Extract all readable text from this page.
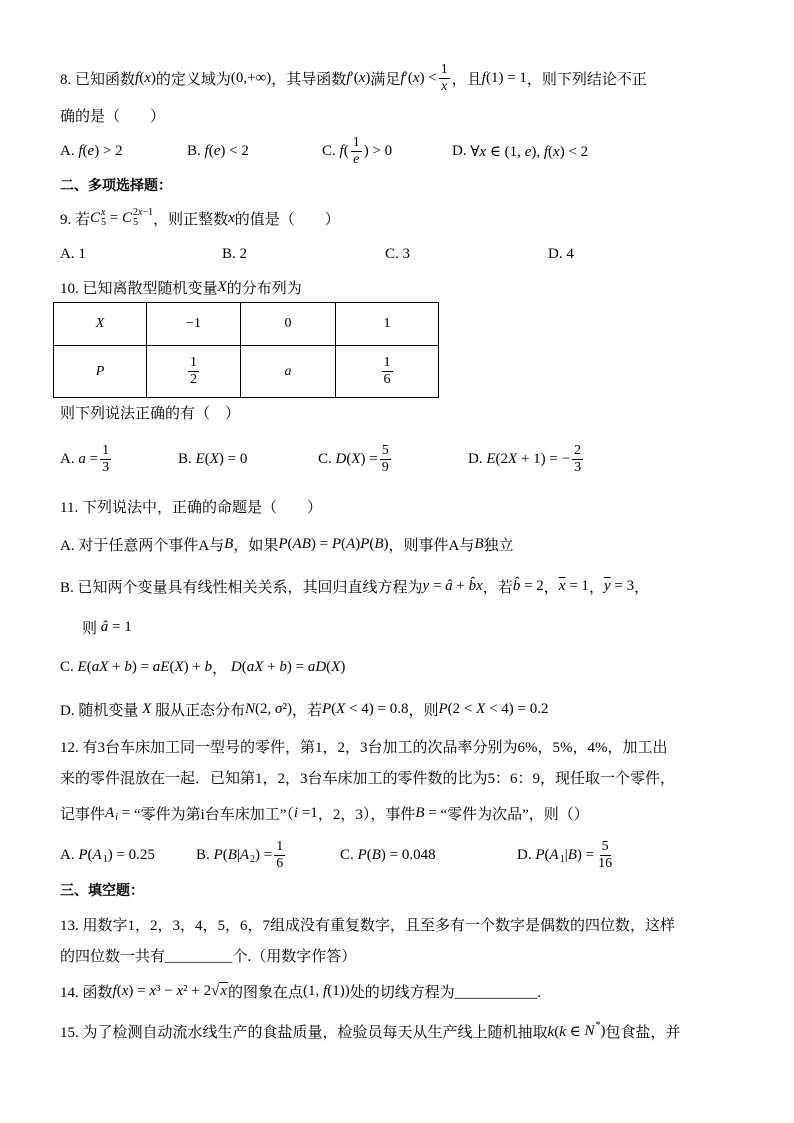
8. 已知函数 f(x) 的定义域为 (0,+∞) ，其导函数 f′(x) 满足 $f'(x) < \frac{1}{x}$ ，且 f(1) = 1 ，则下列结论不正
确的是（　　）
A. f(e) > 2	B. f(e) < 2	C. $f( \frac{1}{e}$ ) > 0	D. ∀x ∈ (1, e), f(x) < 2
二、多项选择题：
9. 若 C x
5 = C 2x−1
5	，则正整数 x 的值是（　　）
A. 1	B. 2	C. 3	D. 4
10. 已知离散型随机变量 X 的分布列为
X	−1	0	1
P	$\frac{1}{2}$	a	$\frac{1}{6}$
则下列说法正确的有（　）
A. $a = \frac{1}{3}$	B. E(X) = 0	C. $D(X) = \frac{5}{9}$	D. E(2X + 1) = − $\frac{2}{3}$
11. 下列说法中，正确的命题是（　　）
A. 对于任意两个事件A与 B ，如果 P(AB) = P(A)P(B) ，则事件A与 B 独立
B. 已知两个变量具有线性相关关系，其回归直线方程为 y = â + b̂x ，若 b̂ = 2 ， $\overline{x} = 1$ ， $\overline{y} = 3$ ，
则 â = 1
C. E(aX + b) = aE(X) + b ， D(aX + b) = aD(X)
D. 随机变量 X 服从正态分布 N(2, σ²) ，若 P(X < 4) = 0.8 ，则 P(2 < X < 4) = 0.2
12. 有3台车床加工同一型号的零件，第1，2，3台加工的次品率分别为6%，5%，4%，加工出
来的零件混放在一起．已知第1，2，3台车床加工的零件数的比为5：6：9，现任取一个零件，
记事件 A i = “零件为第i台车床加工”（ i =1 ，2，3），事件 B = “零件为次品”，则（）
A. P( A 1 ) = 0.25	B. P(B| A 2 ) = $\frac{1}{6}$	C. P(B) = 0.048	D. P( A 1 $|B) = \frac{5}{16}$
三、填空题：
13. 用数字1，2，3，4，5，6，7组成没有重复数字，且至多有一个数字是偶数的四位数，这样
的四位数一共有_________个.（用数字作答）
14. 函数 f(x) = x³ − x² + 2 √x 的图象在点 (1, f(1)) 处的切线方程为___________.
15. 为了检测自动流水线生产的食盐质量，检验员每天从生产线上随机抽取 k(k ∈ N * ) 包食盐，并
